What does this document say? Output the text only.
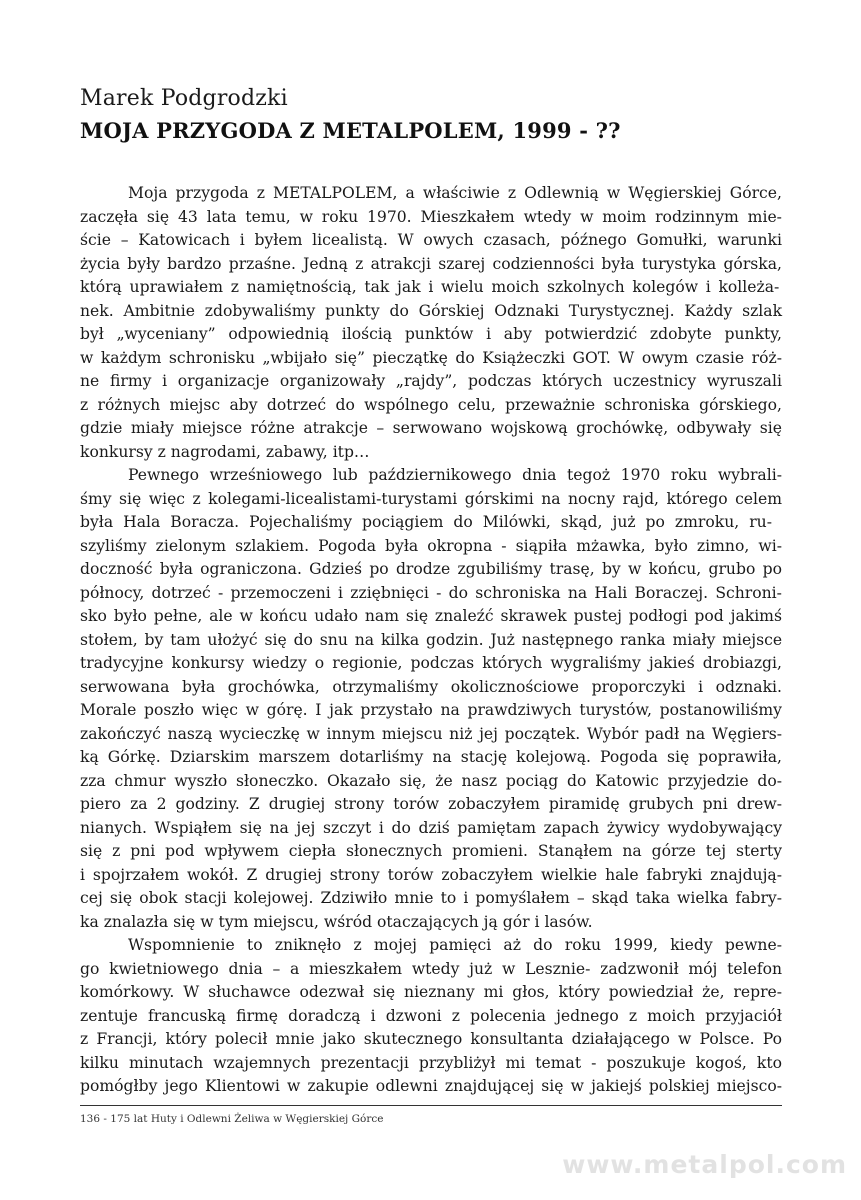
Marek Podgrodzki
MOJA PRZYGODA Z METALPOLEM, 1999 - ??
Moja przygoda z METALPOLEM, a właściwie z Odlewnią w Węgierskiej Górce,
zaczęła się 43 lata temu, w roku 1970. Mieszkałem wtedy w moim rodzinnym mie-
ście – Katowicach i byłem licealistą. W owych czasach, późnego Gomułki, warunki
życia były bardzo przaśne. Jedną z atrakcji szarej codzienności była turystyka górska,
którą uprawiałem z namiętnością, tak jak i wielu moich szkolnych kolegów i kolleża-
nek. Ambitnie zdobywaliśmy punkty do Górskiej Odznaki Turystycznej. Każdy szlak
był „wyceniany” odpowiednią ilością punktów i aby potwierdzić zdobyte punkty,
w każdym schronisku „wbijało się” pieczątkę do Książeczki GOT. W owym czasie róż-
ne firmy i organizacje organizowały „rajdy”, podczas których uczestnicy wyruszali
z różnych miejsc aby dotrzeć do wspólnego celu, przeważnie schroniska górskiego,
gdzie miały miejsce różne atrakcje – serwowano wojskową grochówkę, odbywały się
konkursy z nagrodami, zabawy, itp…
Pewnego wrześniowego lub październikowego dnia tegoż 1970 roku wybrali-
śmy się więc z kolegami-licealistami-turystami górskimi na nocny rajd, którego celem
była Hala Boracza. Pojechaliśmy pociągiem do Milówki, skąd, już po zmroku, ru-
szyliśmy zielonym szlakiem. Pogoda była okropna - siąpiła mżawka, było zimno, wi-
doczność była ograniczona. Gdzieś po drodze zgubiliśmy trasę, by w końcu, grubo po
północy, dotrzeć - przemoczeni i zziębnięci - do schroniska na Hali Boraczej. Schroni-
sko było pełne, ale w końcu udało nam się znaleźć skrawek pustej podłogi pod jakimś
stołem, by tam ułożyć się do snu na kilka godzin. Już następnego ranka miały miejsce
tradycyjne konkursy wiedzy o regionie, podczas których wygraliśmy jakieś drobiazgi,
serwowana była grochówka, otrzymaliśmy okolicznościowe proporczyki i odznaki.
Morale poszło więc w górę. I jak przystało na prawdziwych turystów, postanowiliśmy
zakończyć naszą wycieczkę w innym miejscu niż jej początek. Wybór padł na Węgiers-
ką Górkę. Dziarskim marszem dotarliśmy na stację kolejową. Pogoda się poprawiła,
zza chmur wyszło słoneczko. Okazało się, że nasz pociąg do Katowic przyjedzie do-
piero za 2 godziny. Z drugiej strony torów zobaczyłem piramidę grubych pni drew-
nianych. Wspiąłem się na jej szczyt i do dziś pamiętam zapach żywicy wydobywający
się z pni pod wpływem ciepła słonecznych promieni. Stanąłem na górze tej sterty
i spojrzałem wokół. Z drugiej strony torów zobaczyłem wielkie hale fabryki znajdują-
cej się obok stacji kolejowej. Zdziwiło mnie to i pomyślałem – skąd taka wielka fabry-
ka znalazła się w tym miejscu, wśród otaczających ją gór i lasów.
Wspomnienie to zniknęło z mojej pamięci aż do roku 1999, kiedy pewne-
go kwietniowego dnia – a mieszkałem wtedy już w Lesznie- zadzwonił mój telefon
komórkowy. W słuchawce odezwał się nieznany mi głos, który powiedział że, repre-
zentuje francuską firmę doradczą i dzwoni z polecenia jednego z moich przyjaciół
z Francji, który polecił mnie jako skutecznego konsultanta działającego w Polsce. Po
kilku minutach wzajemnych prezentacji przybliżył mi temat - poszukuje kogoś, kto
pomógłby jego Klientowi w zakupie odlewni znajdującej się w jakiejś polskiej miejsco-
136 - 175 lat Huty i Odlewni Żeliwa w Węgierskiej Górce
www.metalpol.com
